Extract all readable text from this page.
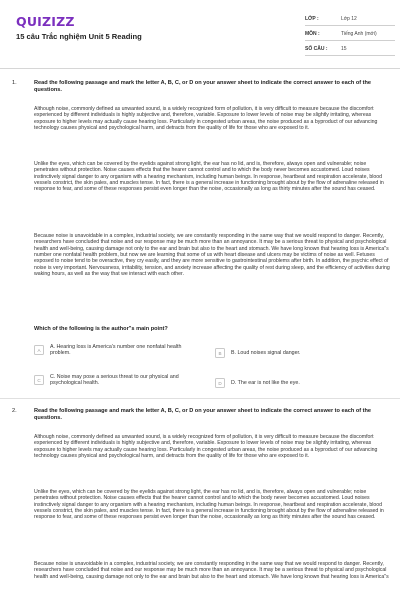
QUIZIZZ
15 câu Trắc nghiệm Unit 5 Reading
LỚP :	Lớp 12
MÔN :	Tiếng Anh (mới)
SỐ CÂU :	15
1.	Read the following passage and mark the letter A, B, C, or D on your answer sheet to indicate the correct answer to each of the questions.
Although noise, commonly defined as unwanted sound, is a widely recognized form of pollution, it is very difficult to measure because the discomfort experienced by different individuals is highly subjective and, therefore, variable. Exposure to lower levels of noise may be slightly irritating, whereas exposure to higher levels may actually cause hearing loss. Particularly in congested urban areas, the noise produced as a byproduct of our advancing technology causes physical and psychological harm, and detracts from the quality of life for those who are exposed to it.
Unlike the eyes, which can be covered by the eyelids against strong light, the ear has no lid, and is, therefore, always open and vulnerable; noise penetrates without protection. Noise causes effects that the hearer cannot control and to which the body never becomes accustomed. Loud noises instinctively signal danger to any organism with a hearing mechanism, including human beings. In response, heartbeat and respiration accelerate, blood vessels constrict, the skin pales, and muscles tense. In fact, there is a general increase in functioning brought about by the flow of adrenaline released in response to fear, and some of these responses persist even longer than the noise, occasionally as long as thirty minutes after the sound has ceased.
Because noise is unavoidable in a complex, industrial society, we are constantly responding in the same way that we would respond to danger. Recently, researchers have concluded that noise and our response may be much more than an annoyance. It may be a serious threat to physical and psychological health and well-being, causing damage not only to the ear and brain but also to the heart and stomach. We have long known that hearing loss is America"s number one nonfatal health problem, but now we are learning that some of us with heart disease and ulcers may be victims of noise as well. Fetuses exposed to noise tend to be overactive, they cry easily, and they are more sensitive to gastrointestinal problems after birth. In addition, the psychic effect of noise is very important. Nervousness, irritability, tension, and anxiety increase affecting the quality of rest during sleep, and the efficiency of activities during waking hours, as well as the way that we interact with each other.
Which of the following is the author"s main point?
A
A. Hearing loss is America's number one nonfatal health problem.	B	B. Loud noises signal danger.
C
C. Noise may pose a serious threat to our physical and psychological health.	D	D. The ear is not like the eye.
2.	Read the following passage and mark the letter A, B, C, or D on your answer sheet to indicate the correct answer to each of the questions.
Although noise, commonly defined as unwanted sound, is a widely recognized form of pollution, it is very difficult to measure because the discomfort experienced by different individuals is highly subjective and, therefore, variable. Exposure to lower levels of noise may be slightly irritating, whereas exposure to higher levels may actually cause hearing loss. Particularly in congested urban areas, the noise produced as a byproduct of our advancing technology causes physical and psychological harm, and detracts from the quality of life for those who are exposed to it.
Unlike the eyes, which can be covered by the eyelids against strong light, the ear has no lid, and is, therefore, always open and vulnerable; noise penetrates without protection. Noise causes effects that the hearer cannot control and to which the body never becomes accustomed. Loud noises instinctively signal danger to any organism with a hearing mechanism, including human beings. In response, heartbeat and respiration accelerate, blood vessels constrict, the skin pales, and muscles tense. In fact, there is a general increase in functioning brought about by the flow of adrenaline released in response to fear, and some of these responses persist even longer than the noise, occasionally as long as thirty minutes after the sound has ceased.
Because noise is unavoidable in a complex, industrial society, we are constantly responding in the same way that we would respond to danger. Recently, researchers have concluded that noise and our response may be much more than an annoyance. It may be a serious threat to physical and psychological health and well-being, causing damage not only to the ear and brain but also to the heart and stomach. We have long known that hearing loss is America"s
